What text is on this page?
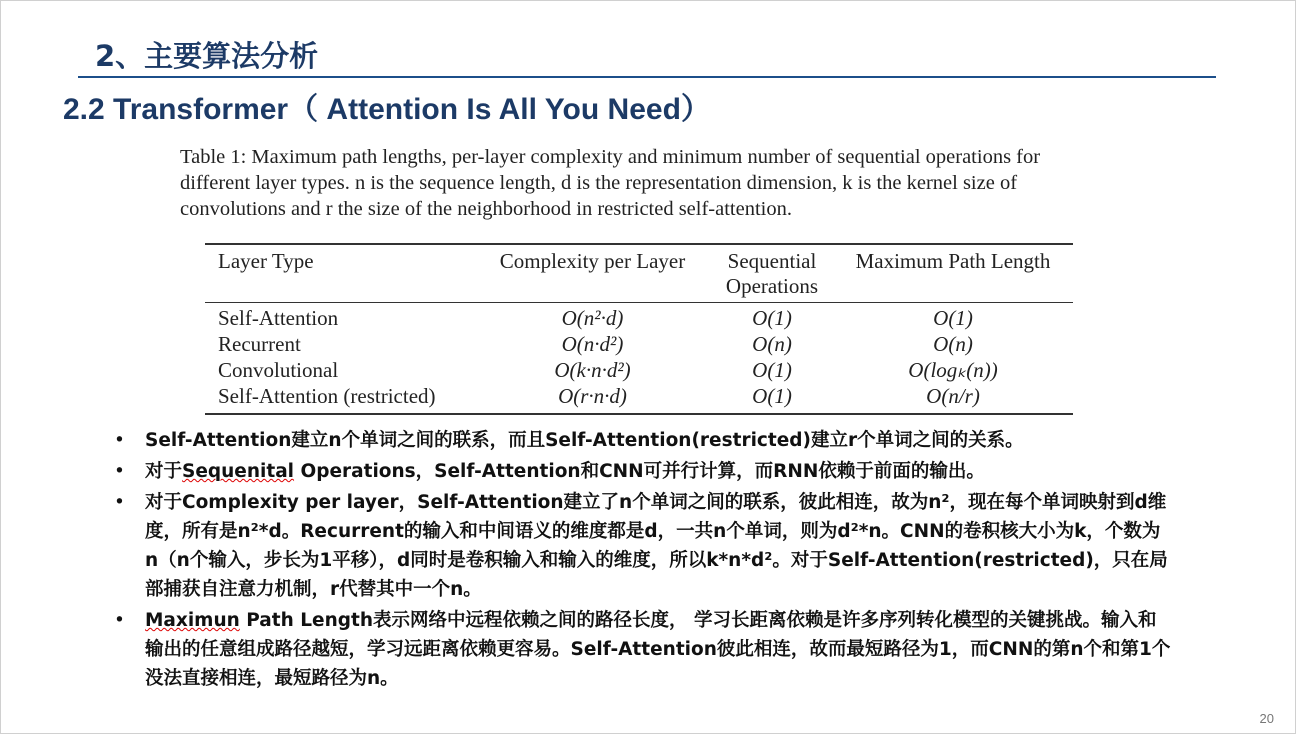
2、主要算法分析
2.2 Transformer（ Attention Is All You Need）
Table 1: Maximum path lengths, per-layer complexity and minimum number of sequential operations for different layer types. n is the sequence length, d is the representation dimension, k is the kernel size of convolutions and r the size of the neighborhood in restricted self-attention.
Layer Type	Complexity per Layer	Sequential Operations	Maximum Path Length
Self-Attention	O(n²·d)	O(1)	O(1)
Recurrent	O(n·d²)	O(n)	O(n)
Convolutional	O(k·n·d²)	O(1)	O(logₖ(n))
Self-Attention (restricted)	O(r·n·d)	O(1)	O(n/r)
• Self-Attention建立n个单词之间的联系，而且Self-Attention(restricted)建立r个单词之间的关系。
• 对于Sequenital Operations，Self-Attention和CNN可并行计算，而RNN依赖于前面的输出。
• 对于Complexity per layer，Self-Attention建立了n个单词之间的联系，彼此相连，故为n²，现在每个单词映射到d维度，所有是n²*d。Recurrent的输入和中间语义的维度都是d，一共n个单词，则为d²*n。CNN的卷积核大小为k，个数为n（n个输入，步长为1平移），d同时是卷积输入和输入的维度，所以k*n*d²。对于Self-Attention(restricted)，只在局部捕获自注意力机制，r代替其中一个n。
• Maximun Path Length表示网络中远程依赖之间的路径长度， 学习长距离依赖是许多序列转化模型的关键挑战。输入和输出的任意组成路径越短，学习远距离依赖更容易。Self-Attention彼此相连，故而最短路径为1，而CNN的第n个和第1个没法直接相连，最短路径为n。
20
